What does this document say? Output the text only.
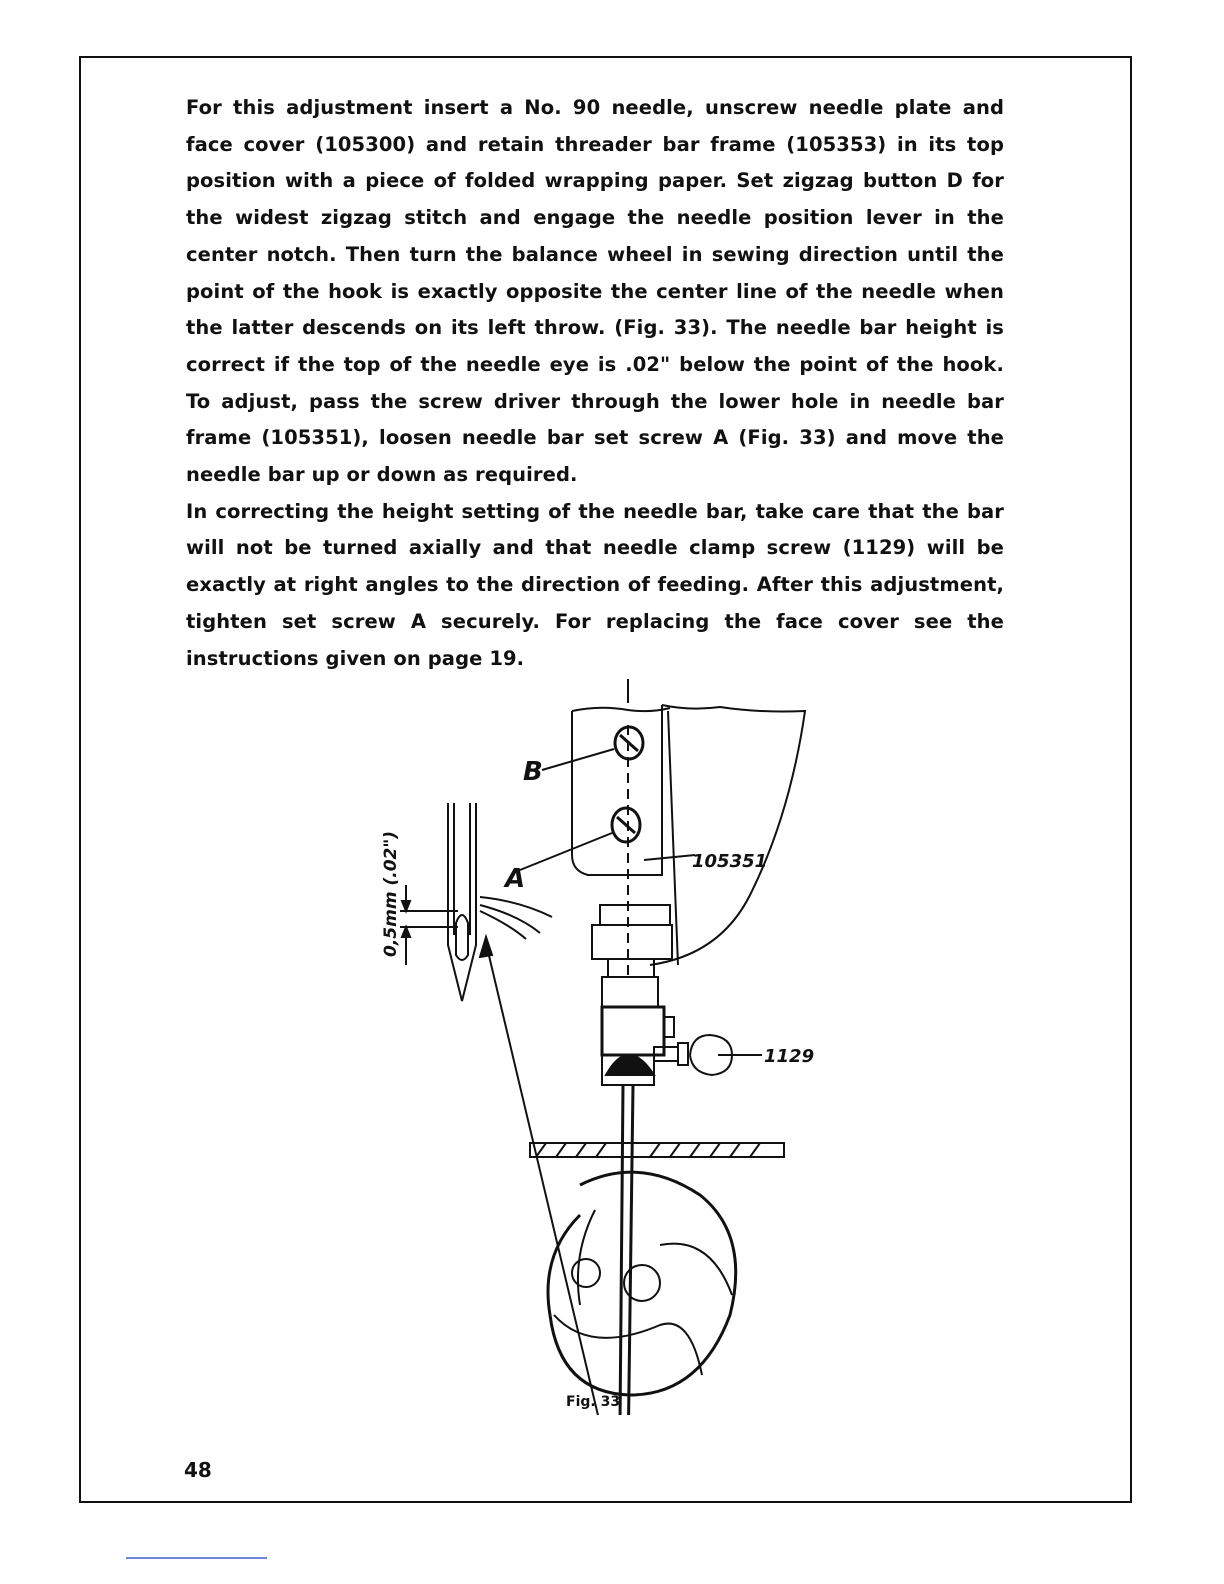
For this adjustment insert a No. 90 needle, unscrew needle plate and face cover (105300) and retain threader bar frame (105353) in its top position with a piece of folded wrapping paper. Set zigzag button D for the widest zigzag stitch and engage the needle position lever in the center notch. Then turn the balance wheel in sewing direction until the point of the hook is exactly opposite the center line of the needle when the latter descends on its left throw. (Fig. 33). The needle bar height is correct if the top of the needle eye is .02" below the point of the hook. To adjust, pass the screw driver through the lower hole in needle bar frame (105351), loosen needle bar set screw A (Fig. 33) and move the needle bar up or down as required.

In correcting the height setting of the needle bar, take care that the bar will not be turned axially and that needle clamp screw (1129) will be exactly at right angles to the direction of feeding. After this adjustment, tighten set screw A securely. For replacing the face cover see the instructions given on page 19.

B
A
105351
1129
0,5mm (.02")
Fig. 33
48
